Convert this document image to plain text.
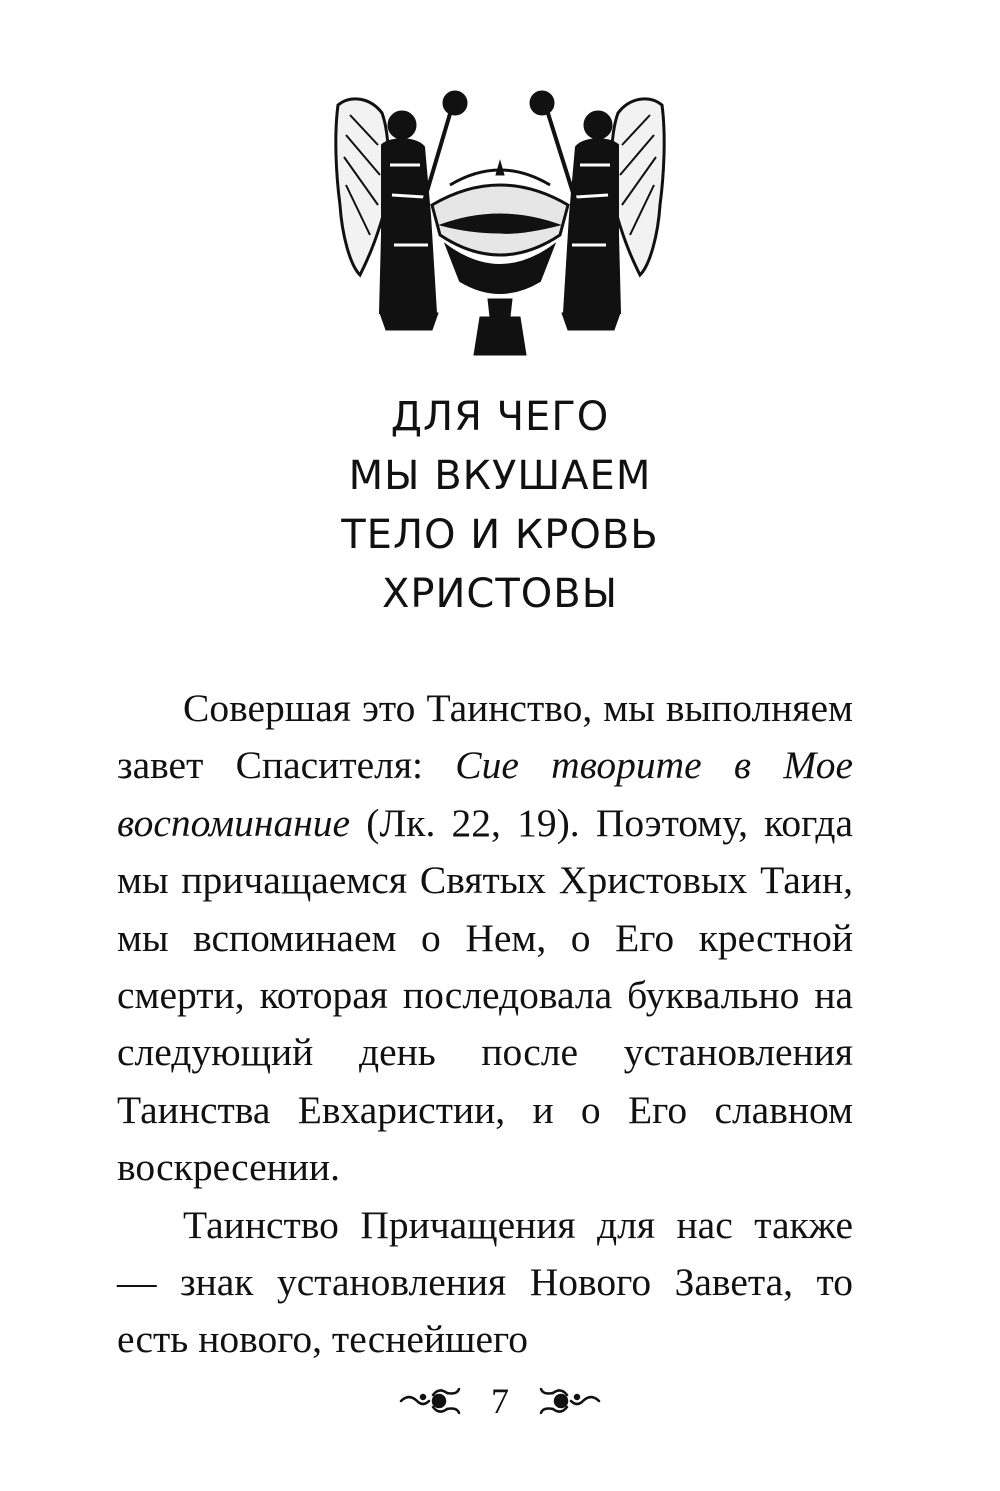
ДЛЯ ЧЕГО
МЫ ВКУШАЕМ
ТЕЛО И КРОВЬ
ХРИСТОВЫ

Совершая это Таинство, мы выполняем завет Спасителя: Сие творите в Мое воспоминание (Лк. 22, 19). Поэтому, когда мы причащаемся Святых Христовых Таин, мы вспоминаем о Нем, о Его крестной смерти, которая последовала буквально на следующий день после установления Таинства Евхаристии, и о Его славном воскресении.

Таинство Причащения для нас также — знак установления Нового Завета, то есть нового, теснейшего

7
